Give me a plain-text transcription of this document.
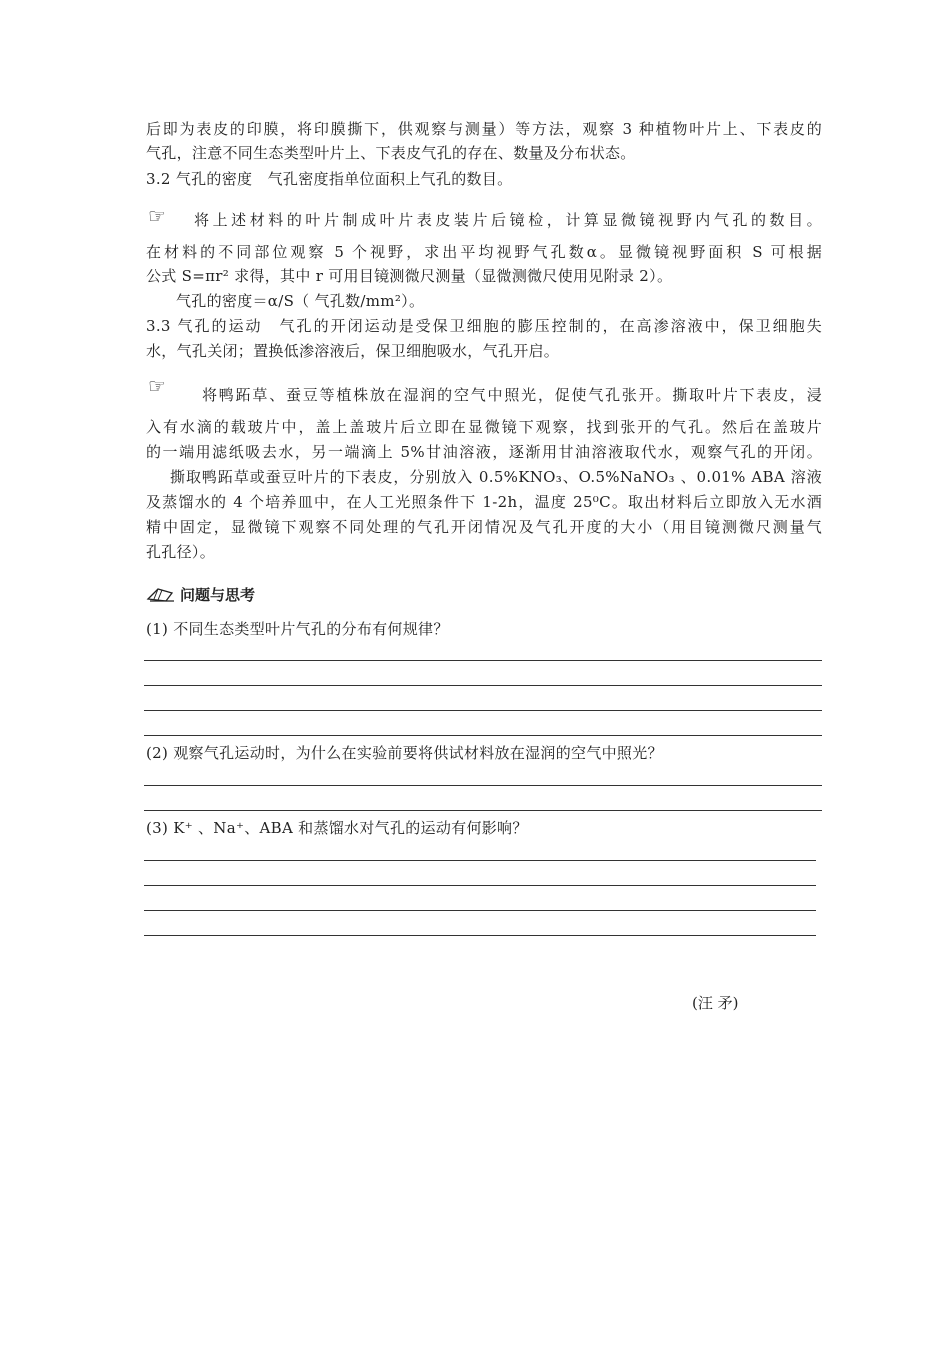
后即为表皮的印膜，将印膜撕下，供观察与测量）等方法，观察 3 种植物叶片上、下表皮的
气孔，注意不同生态类型叶片上、下表皮气孔的存在、数量及分布状态。
3.2 气孔的密度　气孔密度指单位面积上气孔的数目。
☞ 将上述材料的叶片制成叶片表皮装片后镜检，计算显微镜视野内气孔的数目。
在材料的不同部位观察 5 个视野，求出平均视野气孔数α。显微镜视野面积 S 可根据
公式 S=πr² 求得，其中 r 可用目镜测微尺测量（显微测微尺使用见附录 2）。
气孔的密度＝α/S（ 气孔数/mm²）。
3.3 气孔的运动　气孔的开闭运动是受保卫细胞的膨压控制的，在高渗溶液中，保卫细胞失
水，气孔关闭；置换低渗溶液后，保卫细胞吸水，气孔开启。
☞ 将鸭跖草、蚕豆等植株放在湿润的空气中照光，促使气孔张开。撕取叶片下表皮，浸
入有水滴的载玻片中，盖上盖玻片后立即在显微镜下观察，找到张开的气孔。然后在盖玻片
的一端用滤纸吸去水，另一端滴上 5%甘油溶液，逐渐用甘油溶液取代水，观察气孔的开闭。
撕取鸭跖草或蚕豆叶片的下表皮，分别放入 0.5%KNO₃、O.5%NaNO₃ 、0.01% ABA 溶液
及蒸馏水的 4 个培养皿中，在人工光照条件下 1-2h，温度 25⁰C。取出材料后立即放入无水酒
精中固定，显微镜下观察不同处理的气孔开闭情况及气孔开度的大小（用目镜测微尺测量气
孔孔径）。
问题与思考
(1) 不同生态类型叶片气孔的分布有何规律？
(2) 观察气孔运动时，为什么在实验前要将供试材料放在湿润的空气中照光？
(3) K⁺ 、Na⁺、ABA 和蒸馏水对气孔的运动有何影响？
(汪 矛)
